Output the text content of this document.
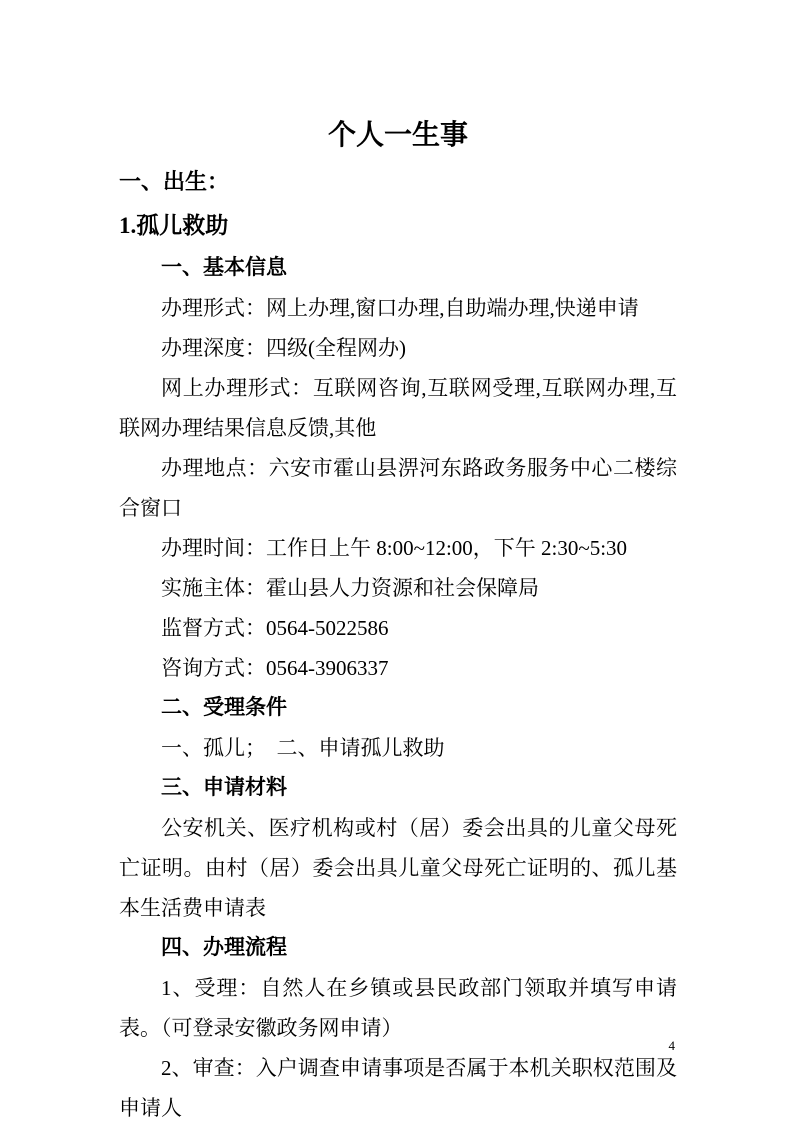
个人一生事
一、出生：
1.孤儿救助
一、基本信息

办理形式：网上办理,窗口办理,自助端办理,快递申请

办理深度：四级(全程网办)

网上办理形式：互联网咨询,互联网受理,互联网办理,互联网办理结果信息反馈,其他

办理地点：六安市霍山县淠河东路政务服务中心二楼综合窗口

办理时间：工作日上午 8:00~12:00，下午 2:30~5:30

实施主体：霍山县人力资源和社会保障局

监督方式：0564-5022586

咨询方式：0564-3906337

二、受理条件

一、孤儿；　二、申请孤儿救助

三、申请材料

公安机关、医疗机构或村（居）委会出具的儿童父母死亡证明。由村（居）委会出具儿童父母死亡证明的、孤儿基本生活费申请表

四、办理流程

1、受理：自然人在乡镇或县民政部门领取并填写申请表。（可登录安徽政务网申请）

2、审查：入户调查申请事项是否属于本机关职权范围及申请人

4
